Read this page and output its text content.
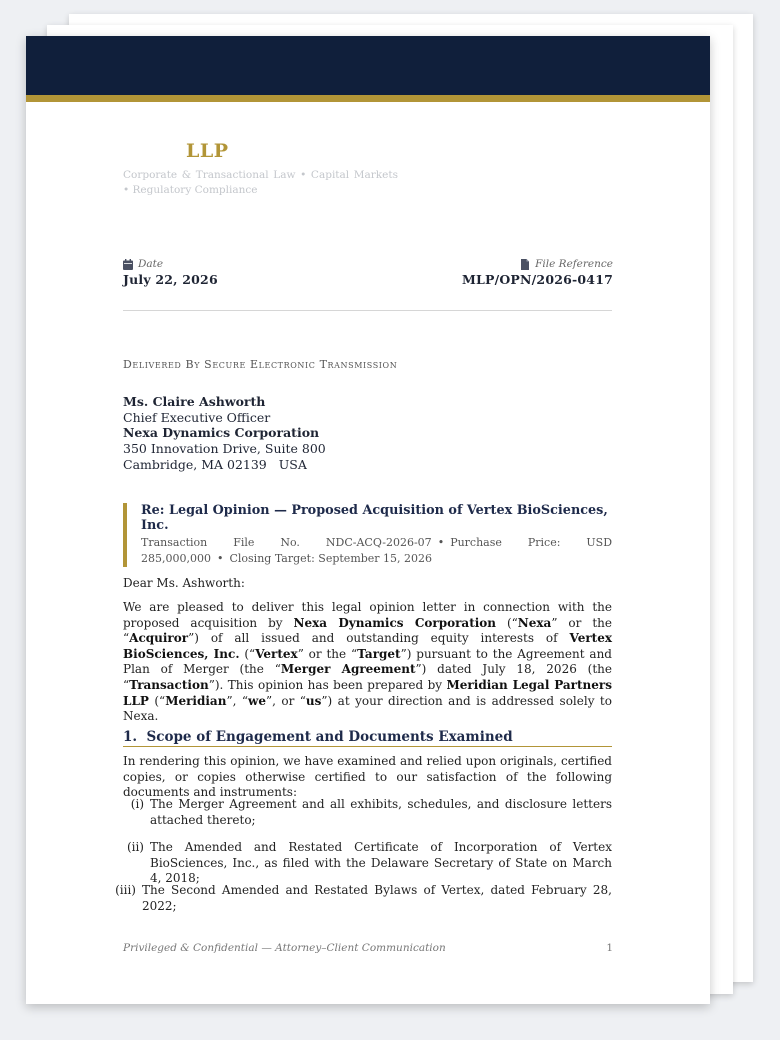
LLP
Corporate & Transactional Law • Capital Markets • Regulatory Compliance
Date
July 22, 2026
File Reference
MLP/OPN/2026-0417
Delivered By Secure Electronic Transmission
Ms. Claire Ashworth
Chief Executive Officer
Nexa Dynamics Corporation
350 Innovation Drive, Suite 800
Cambridge, MA 02139 USA
Re: Legal Opinion — Proposed Acquisition of Vertex BioSciences, Inc.
Transaction File No. NDC-ACQ-2026-07 • Purchase Price: USD 285,000,000 • Closing Target: September 15, 2026
Dear Ms. Ashworth:
We are pleased to deliver this legal opinion letter in connection with the proposed acquisition by Nexa Dynamics Corporation (“Nexa” or the “Acquiror”) of all issued and outstanding equity interests of Vertex BioSciences, Inc. (“Vertex” or the “Target”) pursuant to the Agreement and Plan of Merger (the “Merger Agreement”) dated July 18, 2026 (the “Transaction”). This opinion has been prepared by Meridian Legal Partners LLP (“Meridian”, “we”, or “us”) at your direction and is addressed solely to Nexa.
1. Scope of Engagement and Documents Examined
In rendering this opinion, we have examined and relied upon originals, certified copies, or copies otherwise certified to our satisfaction of the following documents and instruments:
(i) The Merger Agreement and all exhibits, schedules, and disclosure letters attached thereto;
(ii) The Amended and Restated Certificate of Incorporation of Vertex BioSciences, Inc., as filed with the Delaware Secretary of State on March 4, 2018;
(iii) The Second Amended and Restated Bylaws of Vertex, dated February 28, 2022;
Privileged & Confidential — Attorney–Client Communication	1
